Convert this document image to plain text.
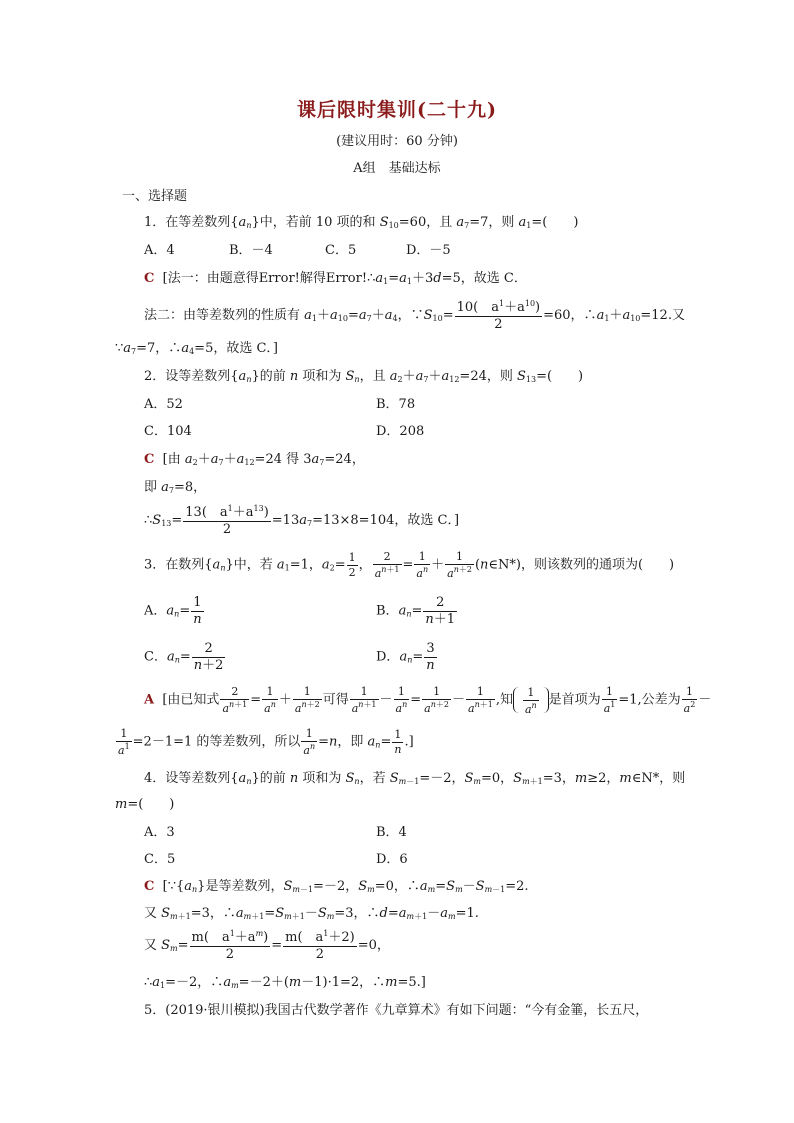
课后限时集训(二十九)
(建议用时：60 分钟)
A组　基础达标
一、选择题
1．在等差数列$\{a_n\}$中，若前 10 项的和 $S_{10}=60$，且 $a_7=7$，则 $a_1=$(　　)
A．4	B．－4	C．5	D．－5
C [法一：由题意得Error!解得$Error!\therefore a_1=a_1+3d=5$，故选 C．
法二：由等差数列的性质有 $a_1+a_{10}=a_7+a_4$，$\because S_{10}= \frac{10( a^1+a^{10})}{2} =60$，$\therefore a_1+a_{10}=12$.又
$\because a_7=7$，$\therefore a_4=5$，故选 C．]
2．设等差数列$\{a_n\}$的前 n 项和为 $S_n$，且 $a_2+a_7+a_{12}=24$，则 $S_{13}=$(　　)
A．52	B．78
C．104	D．208
C [由 $a_2+a_7+a_{12}=24$ 得 $3a_7=24$，
即 $a_7=8$，
$\therefore S_{13}= \frac{13( a^1+a^{13})}{2} =13a_7=13\times 8=104$，故选 C．]
3．在数列$\{a_n\}$中，若 $a_1=1$，$a_2= \frac{1}{2}$ ， $\frac{2}{a^{n+1}} = \frac{1}{a^n} + \frac{1}{a^{n+2}}$ (n∈N*)，则该数列的通项为(　　)
A．$a_n= \frac{1}{n}$	B．$a_n= \frac{2}{n+1}$
C．$a_n= \frac{2}{n+2}$	D．$a_n= \frac{3}{n}$
A [由已知式 $\frac{2}{a^{n+1}} = \frac{1}{a^n} + \frac{1}{a^{n+2}}$ 可得 $\frac{1}{a^{n+1}} - \frac{1}{a^n} = \frac{1}{a^{n+2}} - \frac{1}{a^{n+1}}$ ,知 $\frac{1}{a^n}$ 是首项为 $\frac{1}{a^1} =1$,公差为 $\frac{1}{a^2}$ －
$\frac{1}{a^1} =2-1=1$ 的等差数列，所以 $\frac{1}{a^n} =n$，即 $a_n= \frac{1}{n}$ .]
4．设等差数列$\{a_n\}$的前 n 项和为 $S_n$，若 $S_{m-1}=-2$，$S_m=0$，$S_{m+1}=3$，m≥2，m∈N*，则
m=(　　)
A．3	B．4
C．5	D．6
C [$\because\{a_n\}$是等差数列，$S_{m-1}=-2$，$S_m=0$，$\therefore a_m=S_m-S_{m-1}=2$.
又 $S_{m+1}=3$，$\therefore a_{m+1}=S_{m+1}-S_m=3$，$\therefore d=a_{m+1}-a_m=1$.
又 $S_m= \frac{m( a^1+a^m)}{2} = \frac{m( a^1+2)}{2} =0$，
$\therefore a_1=-2$，$\therefore a_m=-2+(m-1)\cdot 1=2$，∴m=5.]
5．(2019·银川模拟)我国古代数学著作《九章算术》有如下问题：“今有金箠，长五尺，
